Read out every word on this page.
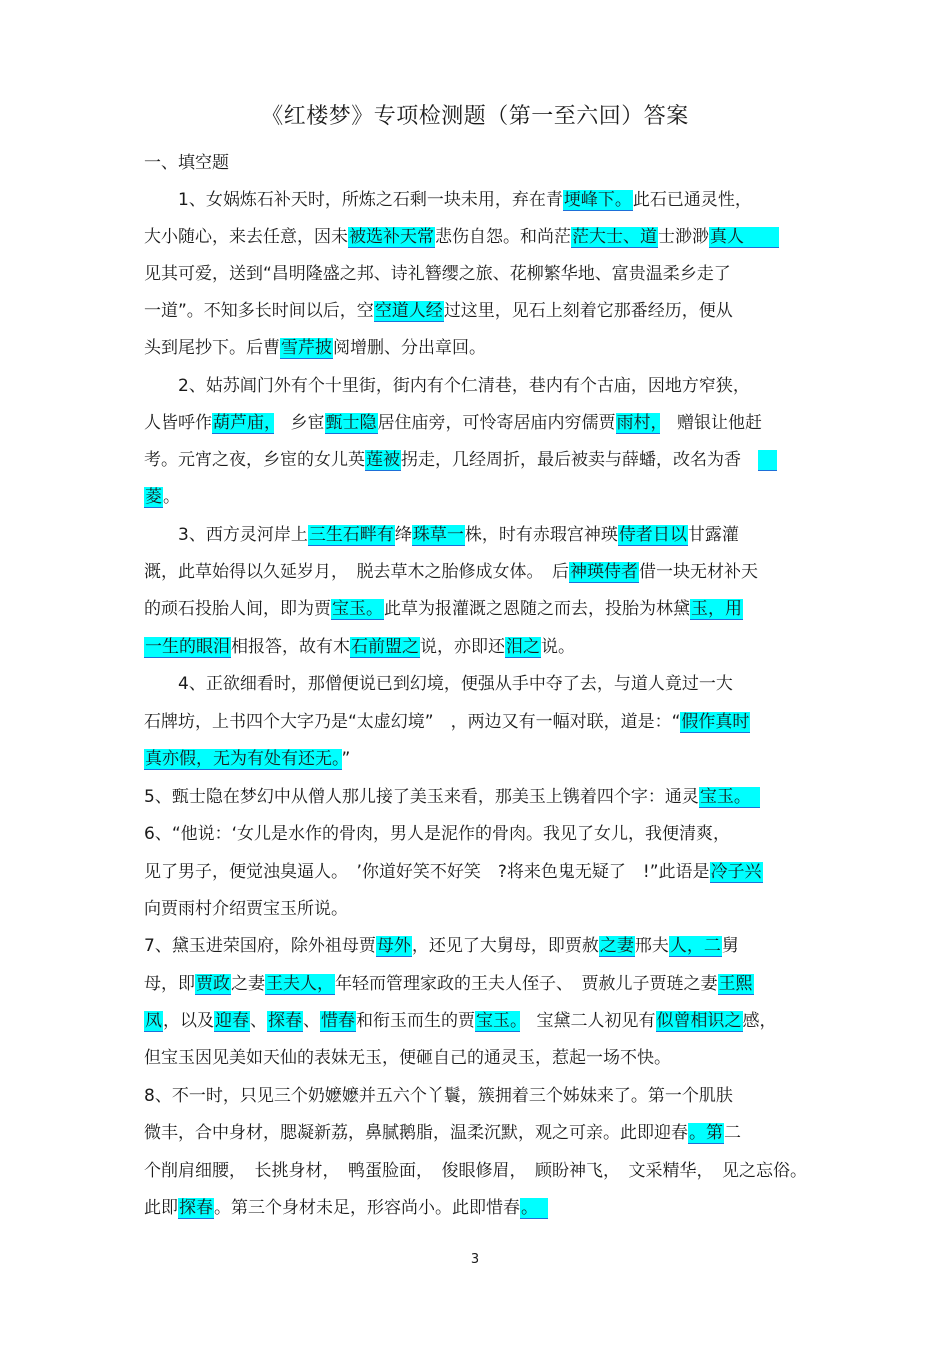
《红楼梦》专项检测题（第一至六回）答案
一、填空题
1、女娲炼石补天时，所炼之石剩一块未用，弃在青埂峰下。此石已通灵性，
大小随心，来去任意，因未被选补天常悲伤自怨。和尚茫茫大士、道士渺渺真人　　
见其可爱，送到“昌明隆盛之邦、诗礼簪缨之旅、花柳繁华地、富贵温柔乡走了
一道”。不知多长时间以后，空空道人经过这里，见石上刻着它那番经历，便从
头到尾抄下。后曹雪芹披阅增删、分出章回。
2、姑苏阊门外有个十里街，街内有个仁清巷，巷内有个古庙，因地方窄狭，
人皆呼作葫芦庙，　乡宦甄士隐居住庙旁，可怜寄居庙内穷儒贾雨村，　赠银让他赶
考。元宵之夜，乡宦的女儿英莲被拐走，几经周折，最后被卖与薛蟠，改名为香　　
菱。
3、西方灵河岸上三生石畔有绛珠草一株，时有赤瑕宫神瑛侍者日以甘露灌
溉，此草始得以久延岁月，　脱去草木之胎修成女体。　后神瑛侍者借一块无材补天
的顽石投胎人间，即为贾宝玉。此草为报灌溉之恩随之而去，投胎为林黛玉，用
一生的眼泪相报答，故有木石前盟之说，亦即还泪之说。
4、正欲细看时，那僧便说已到幻境，便强从手中夺了去，与道人竟过一大
石牌坊，上书四个大字乃是“太虚幻境”　，两边又有一幅对联，道是：“假作真时
真亦假，无为有处有还无。”
5、甄士隐在梦幻中从僧人那儿接了美玉来看，那美玉上镌着四个字：通灵宝玉。　
6、“他说：‘女儿是水作的骨肉，男人是泥作的骨肉。我见了女儿，我便清爽，
见了男子，便觉浊臭逼人。　’你道好笑不好笑　?将来色鬼无疑了　!”此语是冷子兴
向贾雨村介绍贾宝玉所说。
7、黛玉进荣国府，除外祖母贾母外，还见了大舅母，即贾赦之妻邢夫人，二舅
母，即贾政之妻王夫人，年轻而管理家政的王夫人侄子、　贾赦儿子贾琏之妻王熙
凤，以及迎春、探春、惜春和衔玉而生的贾宝玉。　宝黛二人初见有似曾相识之感，
但宝玉因见美如天仙的表妹无玉，便砸自己的通灵玉，惹起一场不快。
8、不一时，只见三个奶嬷嬷并五六个丫鬟，簇拥着三个姊妹来了。第一个肌肤
微丰，合中身材，腮凝新荔，鼻腻鹅脂，温柔沉默，观之可亲。此即迎春。第二
个削肩细腰，　长挑身材，　鸭蛋脸面，　俊眼修眉，　顾盼神飞，　文采精华，　见之忘俗。
此即探春。第三个身材未足，形容尚小。此即惜春。　
3
